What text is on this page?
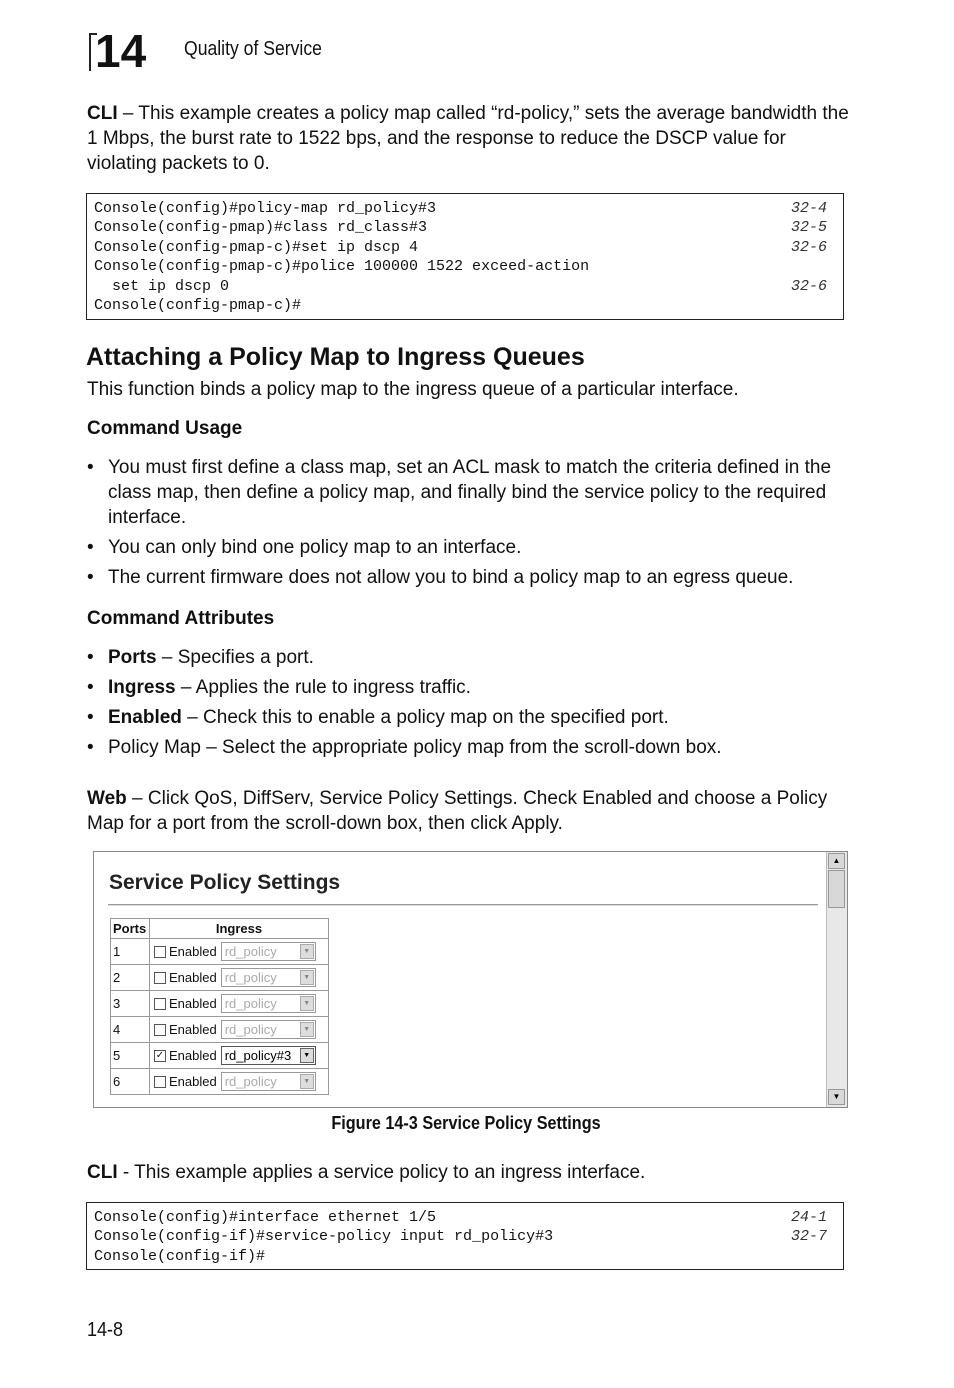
14 Quality of Service
CLI – This example creates a policy map called “rd-policy,” sets the average bandwidth the 1 Mbps, the burst rate to 1522 bps, and the response to reduce the DSCP value for violating packets to 0.
Console(config)#policy-map rd_policy#3	32-4
Console(config-pmap)#class rd_class#3	32-5
Console(config-pmap-c)#set ip dscp 4	32-6
Console(config-pmap-c)#police 100000 1522 exceed-action
set ip dscp 0	32-6
Console(config-pmap-c)#
Attaching a Policy Map to Ingress Queues
This function binds a policy map to the ingress queue of a particular interface.
Command Usage
• You must first define a class map, set an ACL mask to match the criteria defined in the class map, then define a policy map, and finally bind the service policy to the required interface.
• You can only bind one policy map to an interface.
• The current firmware does not allow you to bind a policy map to an egress queue.
Command Attributes
• Ports – Specifies a port.
• Ingress – Applies the rule to ingress traffic.
• Enabled – Check this to enable a policy map on the specified port.
• Policy Map – Select the appropriate policy map from the scroll-down box.
Web – Click QoS, DiffServ, Service Policy Settings. Check Enabled and choose a Policy Map for a port from the scroll-down box, then click Apply.
Service Policy Settings
Ports	Ingress
1	Enabled rd_policy ▼

2	Enabled rd_policy ▼

3	Enabled rd_policy ▼

4	Enabled rd_policy ▼

5	✓ Enabled rd_policy#3 ▼

6	Enabled rd_policy ▼
▲
▼
Figure 14-3 Service Policy Settings
CLI - This example applies a service policy to an ingress interface.
Console(config)#interface ethernet 1/5	24-1
Console(config-if)#service-policy input rd_policy#3	32-7
Console(config-if)#
14-8
